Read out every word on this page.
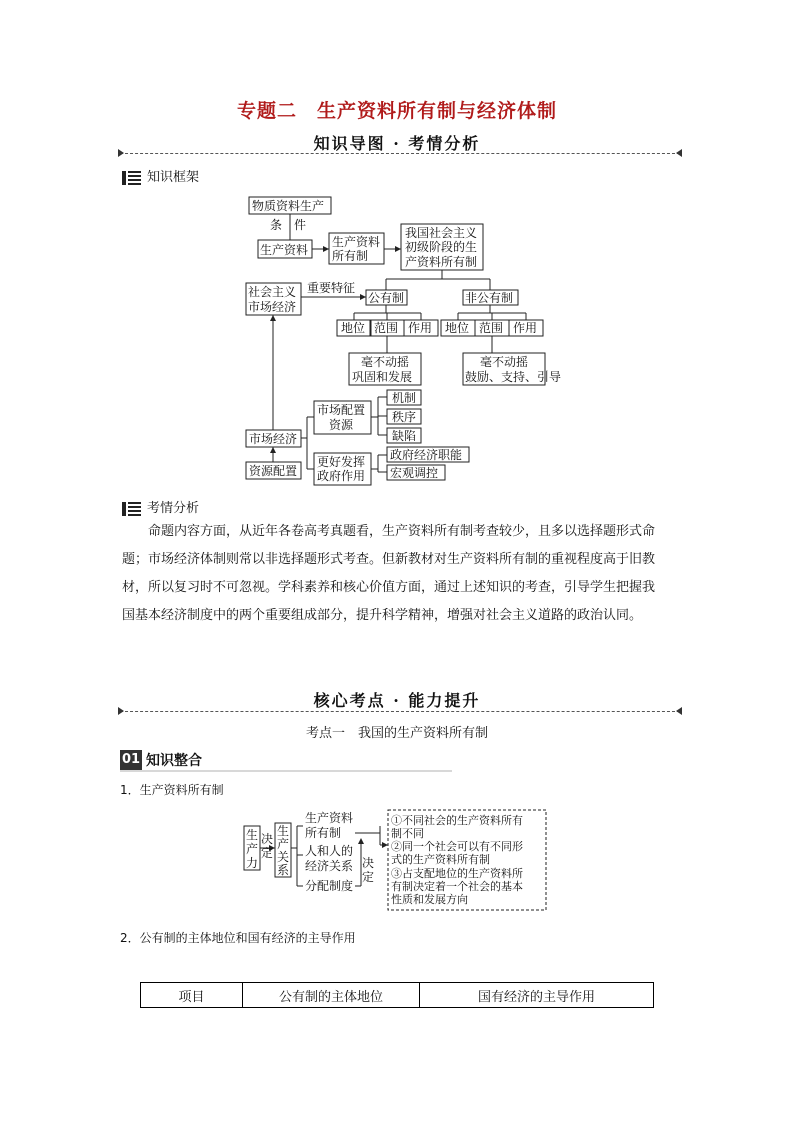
专题二　生产资料所有制与经济体制
知识导图 · 考情分析
知识框架
物质资料生产
条　件
生产资料
生产资料
所有制
我国社会主义
初级阶段的生
产资料所有制
社会主义
市场经济
重要特征
公有制	非公有制
地位 范围 作用 地位 范围 作用
毫不动摇
巩固和发展
毫不动摇
鼓励、支持、引导
市场配置
资源
机制
秩序
缺陷
市场经济
更好发挥
政府作用
政府经济职能
宏观调控
资源配置
考情分析
命题内容方面，从近年各卷高考真题看，生产资料所有制考查较少，且多以选择题形式命题；市场经济体制则常以非选择题形式考查。但新教材对生产资料所有制的重视程度高于旧教材，所以复习时不可忽视。学科素养和核心价值方面，通过上述知识的考查，引导学生把握我国基本经济制度中的两个重要组成部分，提升科学精神，增强对社会主义道路的政治认同。
核心考点 · 能力提升
考点一　我国的生产资料所有制
01 知识整合
1．生产资料所有制
生
产
力
决
定
生
产
关
系
生产资料
所有制
人和人的
经济关系
分配制度
决
定
①不同社会的生产资料所有
制不同
②同一个社会可以有不同形
式的生产资料所有制
③占支配地位的生产资料所
有制决定着一个社会的基本
性质和发展方向
2．公有制的主体地位和国有经济的主导作用
项目	公有制的主体地位	国有经济的主导作用
